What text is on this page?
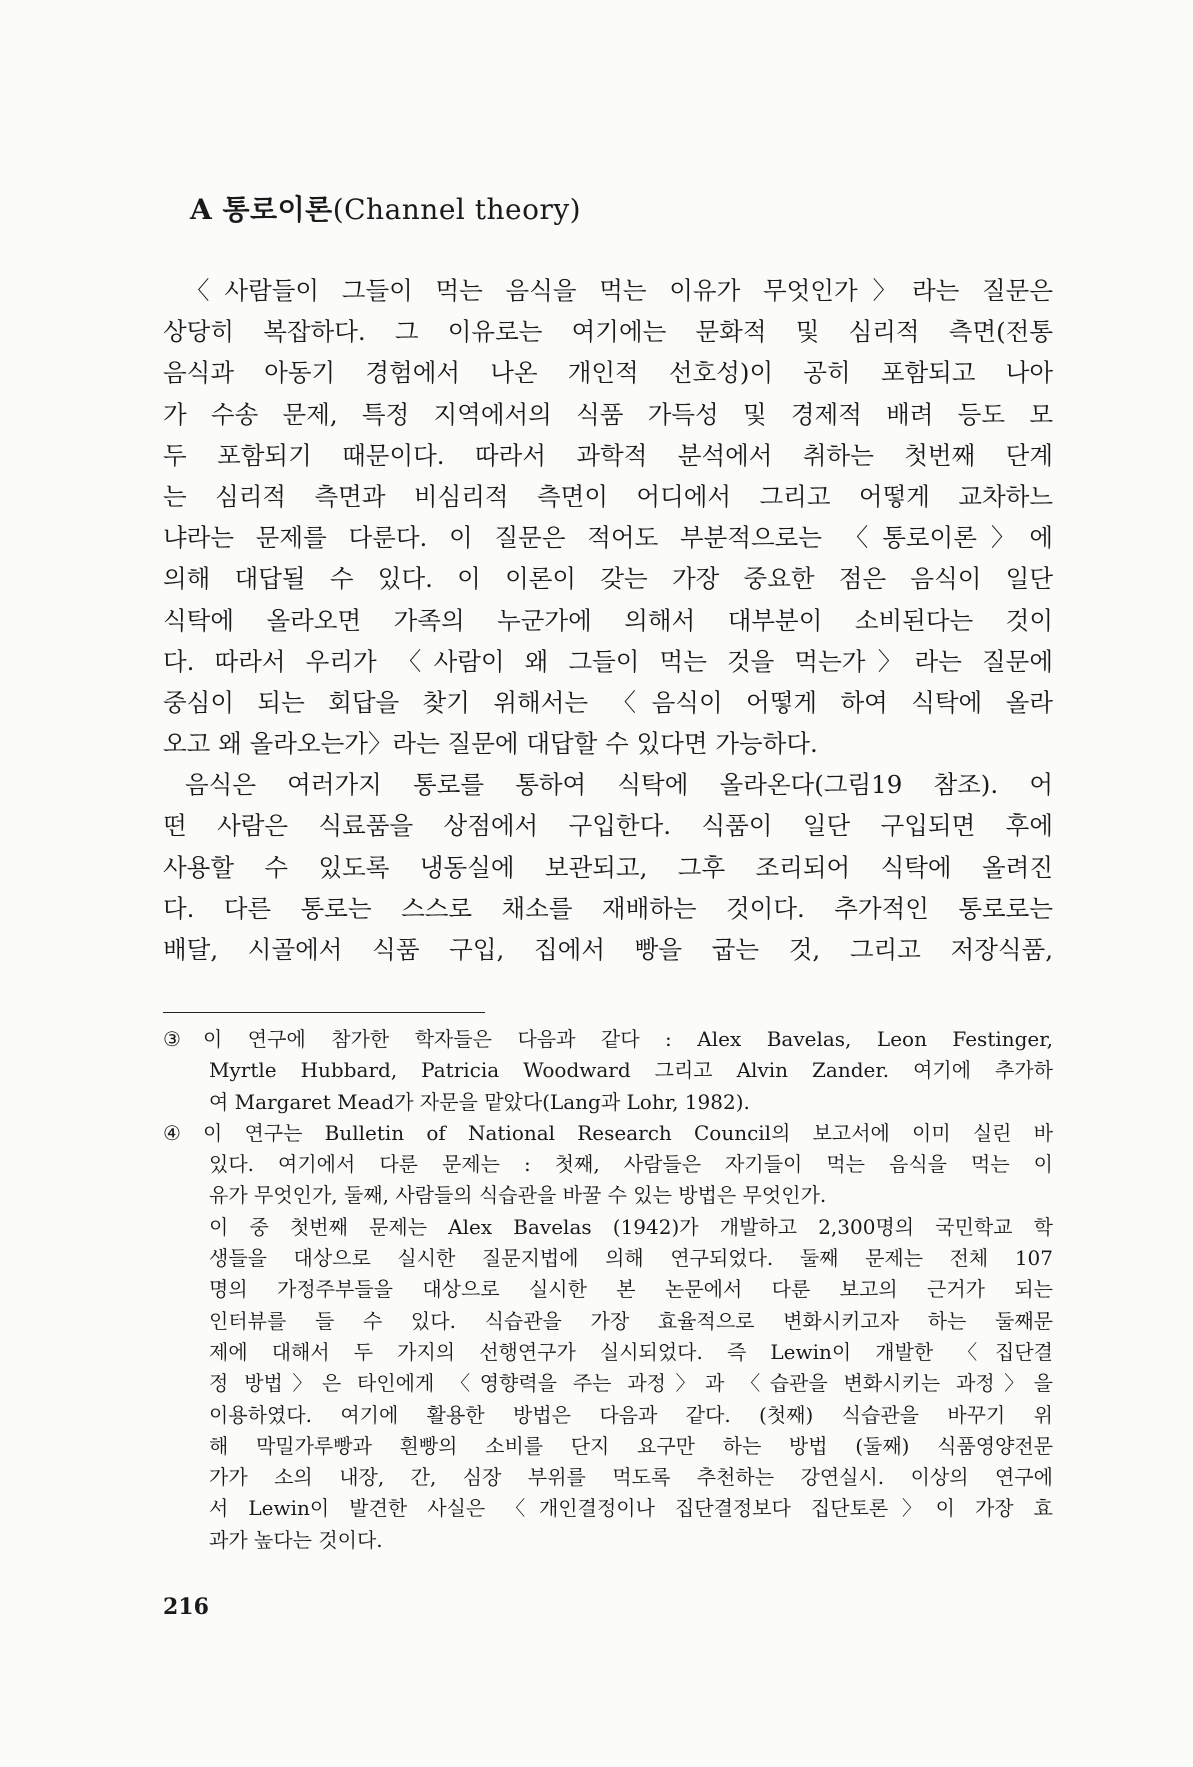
A 통로이론(Channel theory)
〈사람들이 그들이 먹는 음식을 먹는 이유가 무엇인가〉라는 질문은
상당히 복잡하다. 그 이유로는 여기에는 문화적 및 심리적 측면(전통
음식과 아동기 경험에서 나온 개인적 선호성)이 공히 포함되고 나아
가 수송 문제, 특정 지역에서의 식품 가득성 및 경제적 배려 등도 모
두 포함되기 때문이다. 따라서 과학적 분석에서 취하는 첫번째 단계
는 심리적 측면과 비심리적 측면이 어디에서 그리고 어떻게 교차하느
냐라는 문제를 다룬다. 이 질문은 적어도 부분적으로는 〈통로이론〉에
의해 대답될 수 있다. 이 이론이 갖는 가장 중요한 점은 음식이 일단
식탁에 올라오면 가족의 누군가에 의해서 대부분이 소비된다는 것이
다. 따라서 우리가 〈사람이 왜 그들이 먹는 것을 먹는가〉라는 질문에
중심이 되는 회답을 찾기 위해서는 〈음식이 어떻게 하여 식탁에 올라
오고 왜 올라오는가〉라는 질문에 대답할 수 있다면 가능하다.
음식은 여러가지 통로를 통하여 식탁에 올라온다(그림19 참조). 어
떤 사람은 식료품을 상점에서 구입한다. 식품이 일단 구입되면 후에
사용할 수 있도록 냉동실에 보관되고, 그후 조리되어 식탁에 올려진
다. 다른 통로는 스스로 채소를 재배하는 것이다. 추가적인 통로로는
배달, 시골에서 식품 구입, 집에서 빵을 굽는 것, 그리고 저장식품,
③ 이 연구에 참가한 학자들은 다음과 같다 : Alex Bavelas, Leon Festinger,
Myrtle Hubbard, Patricia Woodward 그리고 Alvin Zander. 여기에 추가하
여 Margaret Mead가 자문을 맡았다(Lang과 Lohr, 1982).
④ 이 연구는 Bulletin of National Research Council의 보고서에 이미 실린 바
있다. 여기에서 다룬 문제는 : 첫째, 사람들은 자기들이 먹는 음식을 먹는 이
유가 무엇인가, 둘째, 사람들의 식습관을 바꿀 수 있는 방법은 무엇인가.
이 중 첫번째 문제는 Alex Bavelas (1942)가 개발하고 2,300명의 국민학교 학
생들을 대상으로 실시한 질문지법에 의해 연구되었다. 둘째 문제는 전체 107
명의 가정주부들을 대상으로 실시한 본 논문에서 다룬 보고의 근거가 되는
인터뷰를 들 수 있다. 식습관을 가장 효율적으로 변화시키고자 하는 둘째문
제에 대해서 두 가지의 선행연구가 실시되었다. 즉 Lewin이 개발한 〈집단결
정 방법〉은 타인에게 〈영향력을 주는 과정〉과 〈습관을 변화시키는 과정〉을
이용하였다. 여기에 활용한 방법은 다음과 같다. (첫째) 식습관을 바꾸기 위
해 막밀가루빵과 흰빵의 소비를 단지 요구만 하는 방법 (둘째) 식품영양전문
가가 소의 내장, 간, 심장 부위를 먹도록 추천하는 강연실시. 이상의 연구에
서 Lewin이 발견한 사실은 〈개인결정이나 집단결정보다 집단토론〉이 가장 효
과가 높다는 것이다.
216
